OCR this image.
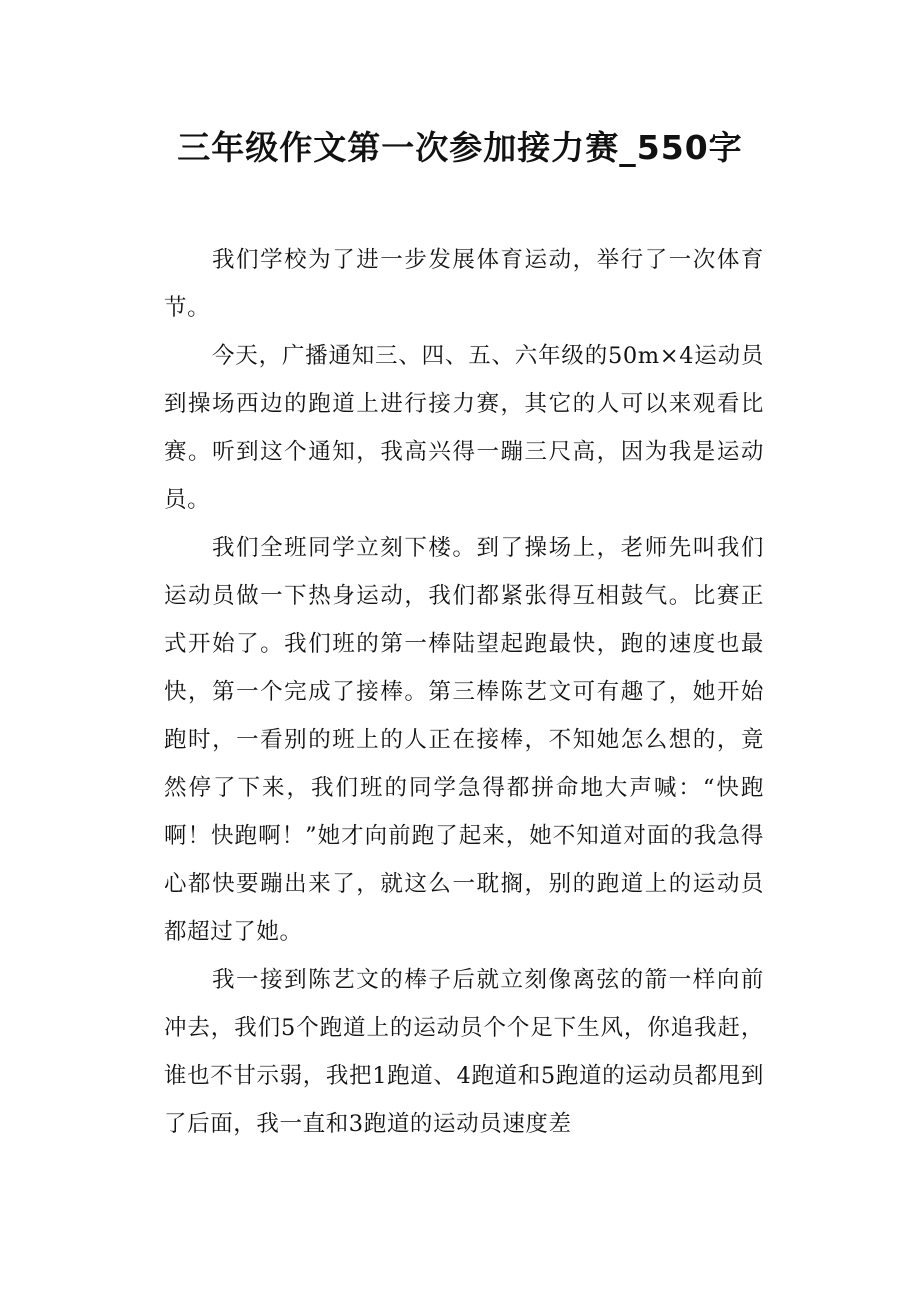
三年级作文第一次参加接力赛_550字

我们学校为了进一步发展体育运动，举行了一次体育节。

今天，广播通知三、四、五、六年级的50m×4运动员到操场西边的跑道上进行接力赛，其它的人可以来观看比赛。听到这个通知，我高兴得一蹦三尺高，因为我是运动员。

我们全班同学立刻下楼。到了操场上，老师先叫我们运动员做一下热身运动，我们都紧张得互相鼓气。比赛正式开始了。我们班的第一棒陆望起跑最快，跑的速度也最快，第一个完成了接棒。第三棒陈艺文可有趣了，她开始跑时，一看别的班上的人正在接棒，不知她怎么想的，竟然停了下来，我们班的同学急得都拼命地大声喊：“快跑啊！快跑啊！”她才向前跑了起来，她不知道对面的我急得心都快要蹦出来了，就这么一耽搁，别的跑道上的运动员都超过了她。

我一接到陈艺文的棒子后就立刻像离弦的箭一样向前冲去，我们5个跑道上的运动员个个足下生风，你追我赶，谁也不甘示弱，我把1跑道、4跑道和5跑道的运动员都甩到了后面，我一直和3跑道的运动员速度差
